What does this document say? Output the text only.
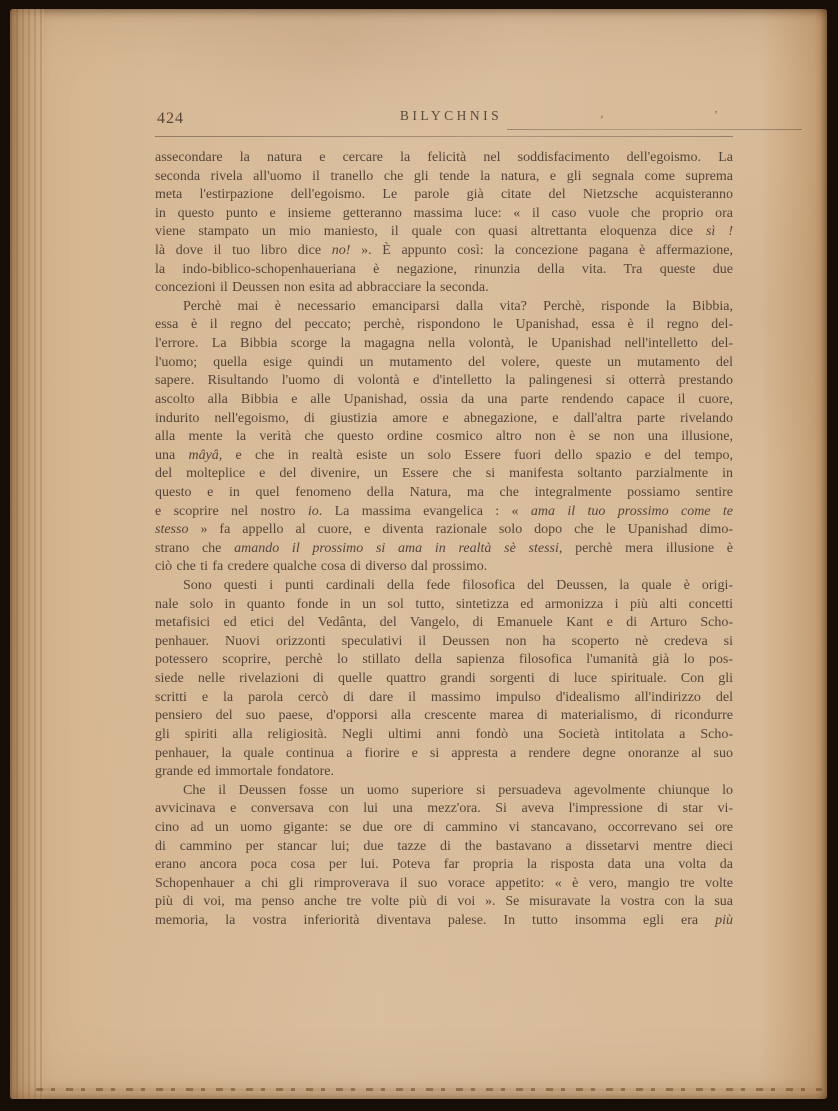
424	BILYCHNIS	’	’
assecondare la natura e cercare la felicità nel soddisfacimento dell'egoismo. La
seconda rivela all'uomo il tranello che gli tende la natura, e gli segnala come suprema
meta l'estirpazione dell'egoismo. Le parole già citate del Nietzsche acquisteranno
in questo punto e insieme getteranno massima luce: « il caso vuole che proprio ora
viene stampato un mio maniesto, il quale con quasi altrettanta eloquenza dice sì !
là dove il tuo libro dice no! ». È appunto così: la concezione pagana è affermazione,
la indo-biblico-schopenhaueriana è negazione, rinunzia della vita. Tra queste due
concezioni il Deussen non esita ad abbracciare la seconda.
Perchè mai è necessario emanciparsi dalla vita? Perchè, risponde la Bibbia,
essa è il regno del peccato; perchè, rispondono le Upanishad, essa è il regno del-
l'errore. La Bibbia scorge la magagna nella volontà, le Upanishad nell'intelletto del-
l'uomo; quella esige quindi un mutamento del volere, queste un mutamento del
sapere. Risultando l'uomo di volontà e d'intelletto la palingenesi si otterrà prestando
ascolto alla Bibbia e alle Upanishad, ossia da una parte rendendo capace il cuore,
indurito nell'egoismo, di giustizia amore e abnegazione, e dall'altra parte rivelando
alla mente la verità che questo ordine cosmico altro non è se non una illusione,
una mâyâ, e che in realtà esiste un solo Essere fuori dello spazio e del tempo,
del molteplice e del divenire, un Essere che si manifesta soltanto parzialmente in
questo e in quel fenomeno della Natura, ma che integralmente possiamo sentire
e scoprire nel nostro io. La massima evangelica : « ama il tuo prossimo come te
stesso » fa appello al cuore, e diventa razionale solo dopo che le Upanishad dimo-
strano che amando il prossimo si ama in realtà sè stessi, perchè mera illusione è
ciò che ti fa credere qualche cosa di diverso dal prossimo.
Sono questi i punti cardinali della fede filosofica del Deussen, la quale è origi-
nale solo in quanto fonde in un sol tutto, sintetizza ed armonizza i più alti concetti
metafisici ed etici del Vedânta, del Vangelo, di Emanuele Kant e di Arturo Scho-
penhauer. Nuovi orizzonti speculativi il Deussen non ha scoperto nè credeva si
potessero scoprire, perchè lo stillato della sapienza filosofica l'umanità già lo pos-
siede nelle rivelazioni di quelle quattro grandi sorgenti di luce spirituale. Con gli
scritti e la parola cercò di dare il massimo impulso d'idealismo all'indirizzo del
pensiero del suo paese, d'opporsi alla crescente marea di materialismo, di ricondurre
gli spiriti alla religiosità. Negli ultimi anni fondò una Società intitolata a Scho-
penhauer, la quale continua a fiorire e si appresta a rendere degne onoranze al suo
grande ed immortale fondatore.
Che il Deussen fosse un uomo superiore si persuadeva agevolmente chiunque lo
avvicinava e conversava con lui una mezz'ora. Si aveva l'impressione di star vi-
cino ad un uomo gigante: se due ore di cammino vi stancavano, occorrevano sei ore
di cammino per stancar lui; due tazze di the bastavano a dissetarvi mentre dieci
erano ancora poca cosa per lui. Poteva far propria la risposta data una volta da
Schopenhauer a chi gli rimproverava il suo vorace appetito: « è vero, mangio tre volte
più di voi, ma penso anche tre volte più di voi ». Se misuravate la vostra con la sua
memoria, la vostra inferiorità diventava palese. In tutto insomma egli era più
